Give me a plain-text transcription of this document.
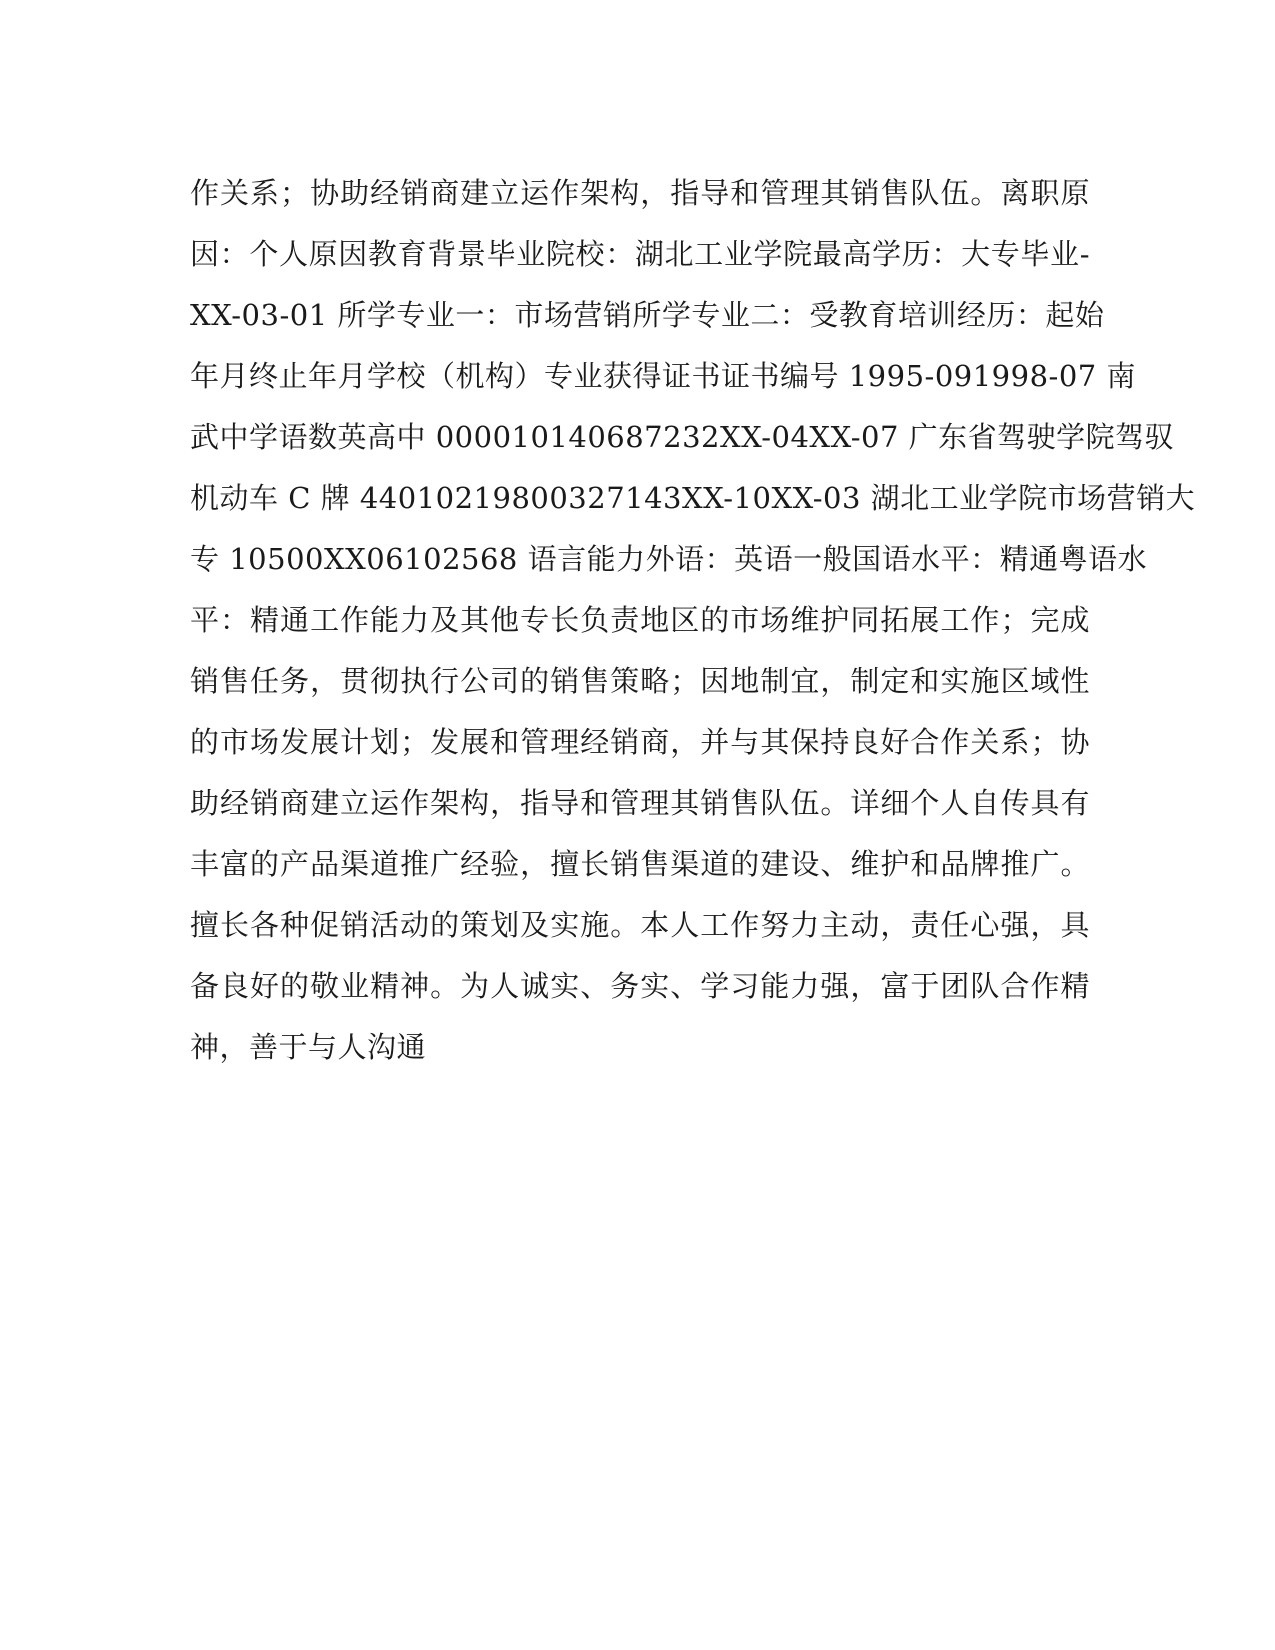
作关系；协助经销商建立运作架构，指导和管理其销售队伍。离职原
因：个人原因教育背景毕业院校：湖北工业学院最高学历：大专毕业-
XX-03-01 所学专业一：市场营销所学专业二：受教育培训经历：起始
年月终止年月学校（机构）专业获得证书证书编号 1995-091998-07 南
武中学语数英高中 000010140687232XX-04XX-07 广东省驾驶学院驾驭
机动车 C 牌 44010219800327143XX-10XX-03 湖北工业学院市场营销大
专 10500XX06102568 语言能力外语：英语一般国语水平：精通粤语水
平：精通工作能力及其他专长负责地区的市场维护同拓展工作；完成
销售任务，贯彻执行公司的销售策略；因地制宜，制定和实施区域性
的市场发展计划；发展和管理经销商，并与其保持良好合作关系；协
助经销商建立运作架构，指导和管理其销售队伍。详细个人自传具有
丰富的产品渠道推广经验，擅长销售渠道的建设、维护和品牌推广。
擅长各种促销活动的策划及实施。本人工作努力主动，责任心强，具
备良好的敬业精神。为人诚实、务实、学习能力强，富于团队合作精
神，善于与人沟通
